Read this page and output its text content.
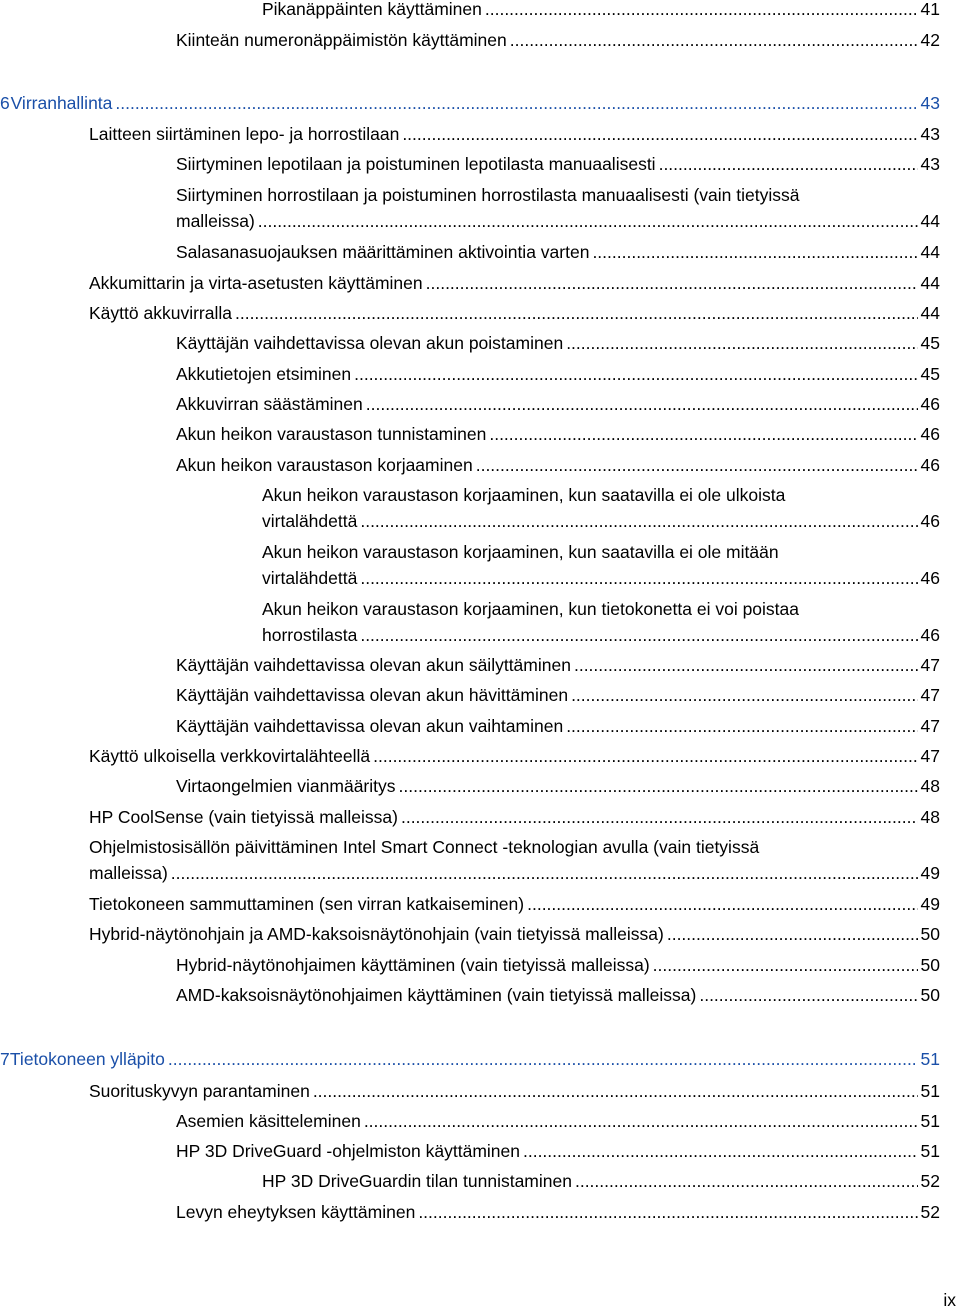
Pikanäppäinten käyttäminen .....	41
Kiinteän numeronäppäimistön käyttäminen .....	42
6 Virranhallinta .....	43
Laitteen siirtäminen lepo- ja horrostilaan .....	43
Siirtyminen lepotilaan ja poistuminen lepotilasta manuaalisesti .....	43
Siirtyminen horrostilaan ja poistuminen horrostilasta manuaalisesti (vain tietyissä
malleissa) .....	44
Salasanasuojauksen määrittäminen aktivointia varten .....	44
Akkumittarin ja virta-asetusten käyttäminen .....	44
Käyttö akkuvirralla .....	44
Käyttäjän vaihdettavissa olevan akun poistaminen .....	45
Akkutietojen etsiminen .....	45
Akkuvirran säästäminen .....	46
Akun heikon varaustason tunnistaminen .....	46
Akun heikon varaustason korjaaminen .....	46
Akun heikon varaustason korjaaminen, kun saatavilla ei ole ulkoista
virtalähdettä .....	46
Akun heikon varaustason korjaaminen, kun saatavilla ei ole mitään
virtalähdettä .....	46
Akun heikon varaustason korjaaminen, kun tietokonetta ei voi poistaa
horrostilasta .....	46
Käyttäjän vaihdettavissa olevan akun säilyttäminen .....	47
Käyttäjän vaihdettavissa olevan akun hävittäminen .....	47
Käyttäjän vaihdettavissa olevan akun vaihtaminen .....	47
Käyttö ulkoisella verkkovirtalähteellä .....	47
Virtaongelmien vianmääritys .....	48
HP CoolSense (vain tietyissä malleissa) .....	48
Ohjelmistosisällön päivittäminen Intel Smart Connect -teknologian avulla (vain tietyissä
malleissa) .....	49
Tietokoneen sammuttaminen (sen virran katkaiseminen) .....	49
Hybrid-näytönohjain ja AMD-kaksoisnäytönohjain (vain tietyissä malleissa) .....	50
Hybrid-näytönohjaimen käyttäminen (vain tietyissä malleissa) .....	50
AMD-kaksoisnäytönohjaimen käyttäminen (vain tietyissä malleissa) .....	50
7 Tietokoneen ylläpito .....	51
Suorituskyvyn parantaminen .....	51
Asemien käsitteleminen .....	51
HP 3D DriveGuard -ohjelmiston käyttäminen .....	51
HP 3D DriveGuardin tilan tunnistaminen .....	52
Levyn eheytyksen käyttäminen .....	52
ix
